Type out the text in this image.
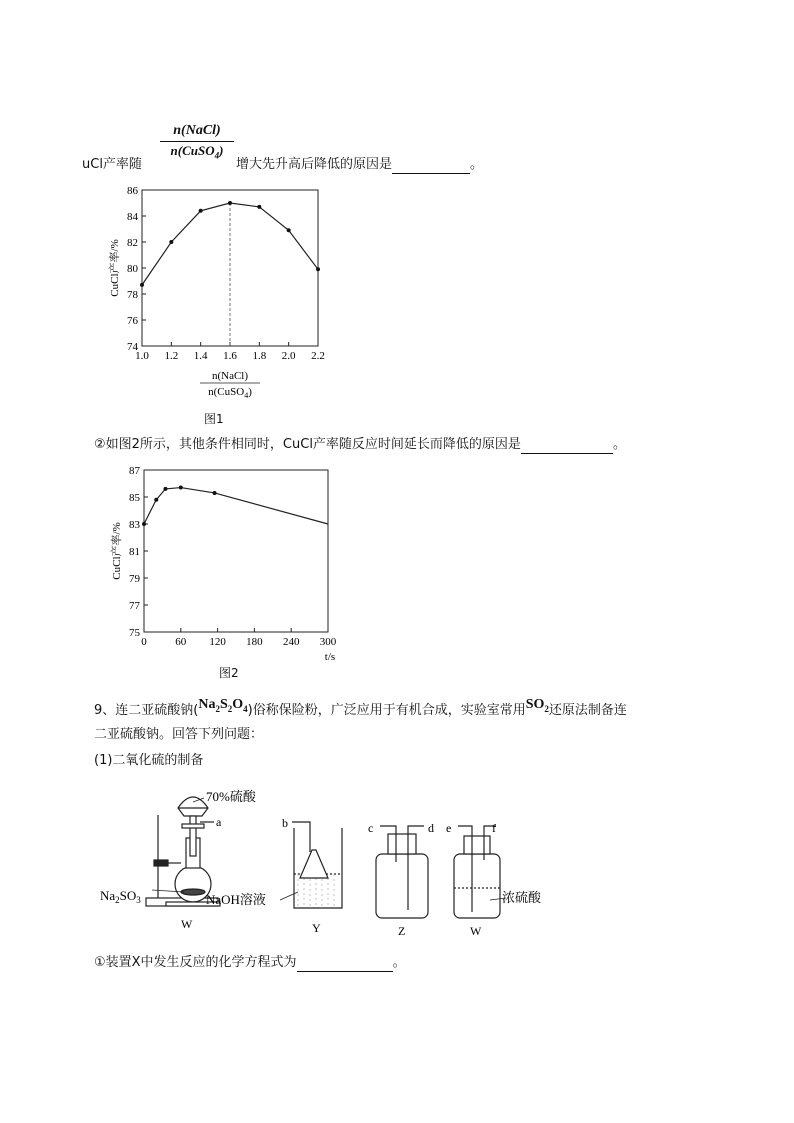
uCl产率随
n(NaCl)
n(CuSO$_4$)
增大先升高后降低的原因是	。
1.0 1.2 1.4 1.6 1.8 2.0 2.2
74
76
78
80
82
84
86
CuCl产率/%
n(NaCl)
n(CuSO$_4$)
图1
②如图2所示，其他条件相同时，CuCl产率随反应时间延长而降低的原因是	。
0	60 120 180 240 300
75
77
79
81
83
85
87
CuCl产率/%
t/s
图2
9、连二亚硫酸钠$(Na_2S_2O_4)$俗称保险粉，广泛应用于有机合成，实验室常用$SO_2$还原法制备连
二亚硫酸钠。回答下列问题：
(1)二氧化硫的制备
70%硫酸
a
$Na_2SO_3$
W
b
NaOH溶液
Y
c	d
Z
e	f
浓硫酸
W
①装置X中发生反应的化学方程式为	。
